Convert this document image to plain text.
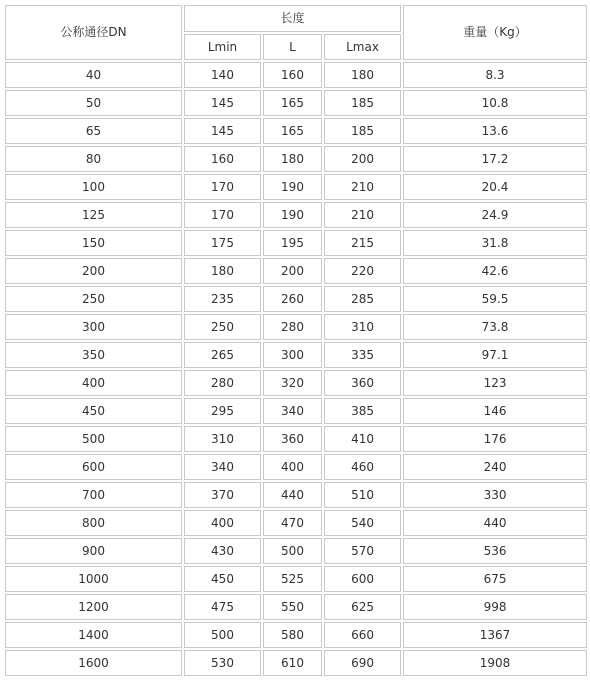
公称通径DN	长度			重量（Kg）
	Lmin	L	Lmax	
40	140	160	180	8.3
50	145	165	185	10.8
65	145	165	185	13.6
80	160	180	200	17.2
100	170	190	210	20.4
125	170	190	210	24.9
150	175	195	215	31.8
200	180	200	220	42.6
250	235	260	285	59.5
300	250	280	310	73.8
350	265	300	335	97.1
400	280	320	360	123
450	295	340	385	146
500	310	360	410	176
600	340	400	460	240
700	370	440	510	330
800	400	470	540	440
900	430	500	570	536
1000	450	525	600	675
1200	475	550	625	998
1400	500	580	660	1367
1600	530	610	690	1908
